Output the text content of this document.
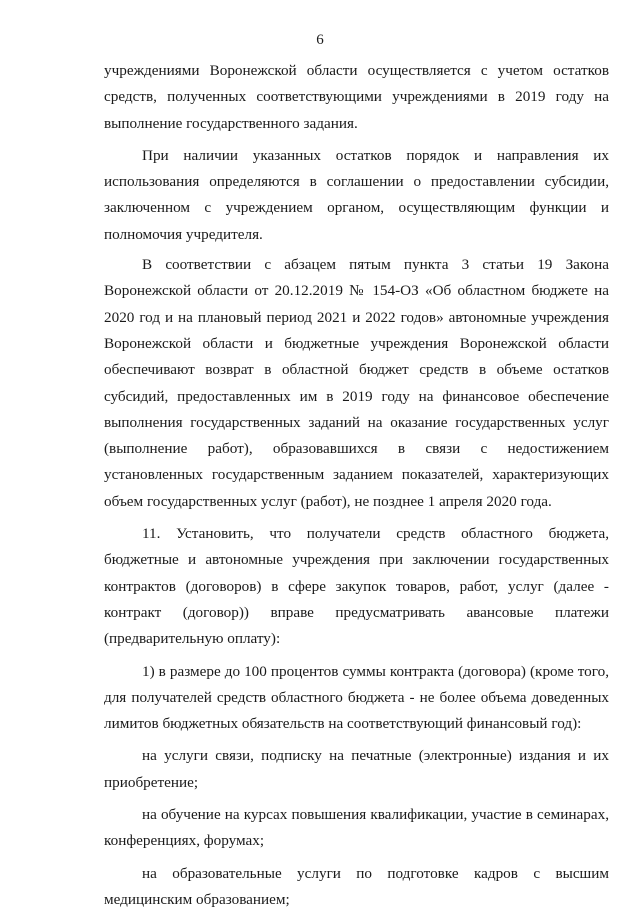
6

учреждениями Воронежской области осуществляется с учетом остатков средств, полученных соответствующими учреждениями в 2019 году на выполнение государственного задания.

При наличии указанных остатков порядок и направления их использования определяются в соглашении о предоставлении субсидии, заключенном с учреждением органом, осуществляющим функции и полномочия учредителя.

В соответствии с абзацем пятым пункта 3 статьи 19 Закона Воронежской области от 20.12.2019 № 154-ОЗ «Об областном бюджете на 2020 год и на плановый период 2021 и 2022 годов» автономные учреждения Воронежской области и бюджетные учреждения Воронежской области обеспечивают возврат в областной бюджет средств в объеме остатков субсидий, предоставленных им в 2019 году на финансовое обеспечение выполнения государственных заданий на оказание государственных услуг (выполнение работ), образовавшихся в связи с недостижением установленных государственным заданием показателей, характеризующих объем государственных услуг (работ), не позднее 1 апреля 2020 года.

11. Установить, что получатели средств областного бюджета, бюджетные и автономные учреждения при заключении государственных контрактов (договоров) в сфере закупок товаров, работ, услуг (далее - контракт (договор)) вправе предусматривать авансовые платежи (предварительную оплату):

1) в размере до 100 процентов суммы контракта (договора) (кроме того, для получателей средств областного бюджета - не более объема доведенных лимитов бюджетных обязательств на соответствующий финансовый год):

на услуги связи, подписку на печатные (электронные) издания и их приобретение;

на обучение на курсах повышения квалификации, участие в семинарах, конференциях, форумах;

на образовательные услуги по подготовке кадров с высшим медицинским образованием;
